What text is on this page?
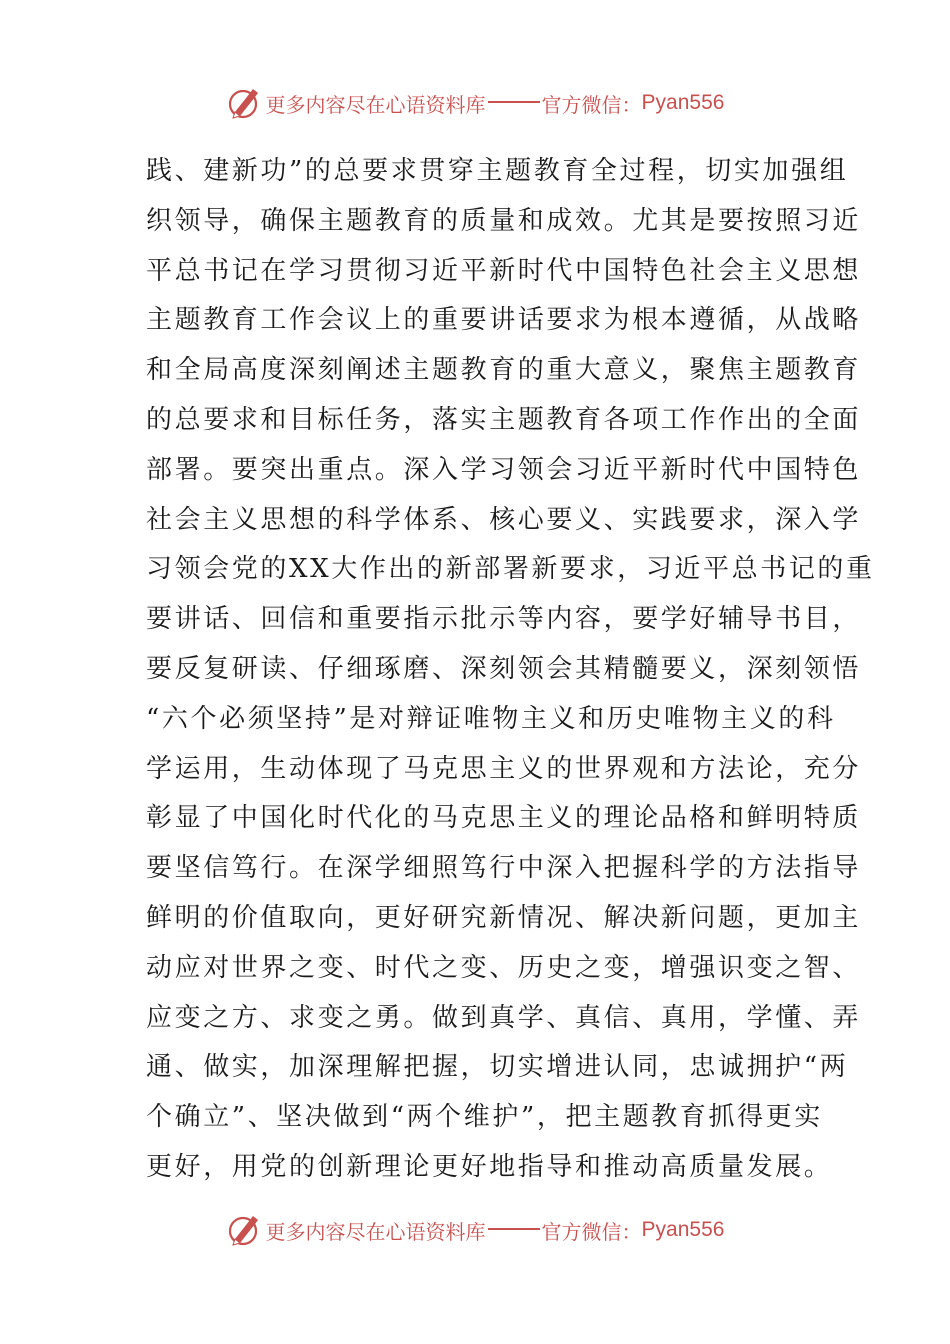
更多内容尽在心语资料库	官方微信： Pyan556
践、建新功”的总要求贯穿主题教育全过程，切实加强组
织领导，确保主题教育的质量和成效。尤其是要按照习近
平总书记在学习贯彻习近平新时代中国特色社会主义思想
主题教育工作会议上的重要讲话要求为根本遵循，从战略
和全局高度深刻阐述主题教育的重大意义，聚焦主题教育
的总要求和目标任务，落实主题教育各项工作作出的全面
部署。要突出重点。深入学习领会习近平新时代中国特色
社会主义思想的科学体系、核心要义、实践要求，深入学
习领会党的XX大作出的新部署新要求，习近平总书记的重
要讲话、回信和重要指示批示等内容，要学好辅导书目，
要反复研读、仔细琢磨、深刻领会其精髓要义，深刻领悟
“六个必须坚持”是对辩证唯物主义和历史唯物主义的科
学运用，生动体现了马克思主义的世界观和方法论，充分
彰显了中国化时代化的马克思主义的理论品格和鲜明特质
要坚信笃行。在深学细照笃行中深入把握科学的方法指导
鲜明的价值取向，更好研究新情况、解决新问题，更加主
动应对世界之变、时代之变、历史之变，增强识变之智、
应变之方、求变之勇。做到真学、真信、真用，学懂、弄
通、做实，加深理解把握，切实增进认同，忠诚拥护“两
个确立”、坚决做到“两个维护”，把主题教育抓得更实
更好，用党的创新理论更好地指导和推动高质量发展。
更多内容尽在心语资料库	官方微信： Pyan556
